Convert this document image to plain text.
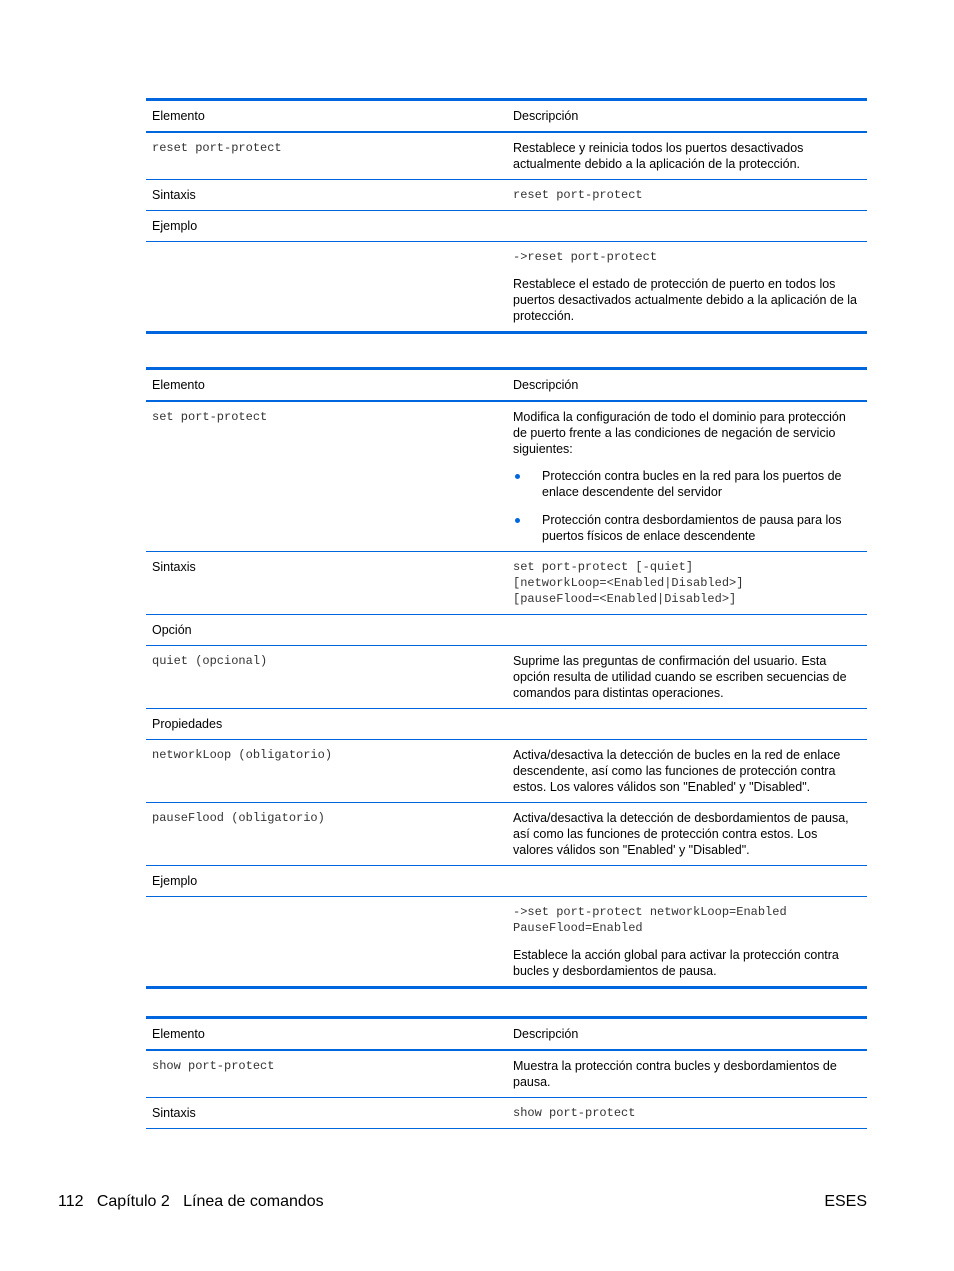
Elemento	Descripción
reset port-protect	Restablece y reinicia todos los puertos desactivados actualmente debido a la aplicación de la protección.
Sintaxis	reset port-protect
Ejemplo
->reset port-protect
Restablece el estado de protección de puerto en todos los puertos desactivados actualmente debido a la aplicación de la protección.
Elemento	Descripción
set port-protect	Modifica la configuración de todo el dominio para protección de puerto frente a las condiciones de negación de servicio siguientes:
Protección contra bucles en la red para los puertos de enlace descendente del servidor
Protección contra desbordamientos de pausa para los puertos físicos de enlace descendente
Sintaxis	set port-protect [-quiet]
[networkLoop=<Enabled|Disabled>]
[pauseFlood=<Enabled|Disabled>]
Opción
quiet (opcional)	Suprime las preguntas de confirmación del usuario. Esta opción resulta de utilidad cuando se escriben secuencias de comandos para distintas operaciones.
Propiedades
networkLoop (obligatorio)	Activa/desactiva la detección de bucles en la red de enlace descendente, así como las funciones de protección contra estos. Los valores válidos son "Enabled' y "Disabled".
pauseFlood (obligatorio)	Activa/desactiva la detección de desbordamientos de pausa, así como las funciones de protección contra estos. Los valores válidos son "Enabled' y "Disabled".
Ejemplo
->set port-protect networkLoop=Enabled
PauseFlood=Enabled
Establece la acción global para activar la protección contra bucles y desbordamientos de pausa.
Elemento	Descripción
show port-protect	Muestra la protección contra bucles y desbordamientos de pausa.
Sintaxis	show port-protect
112   Capítulo 2   Línea de comandos	ESES
